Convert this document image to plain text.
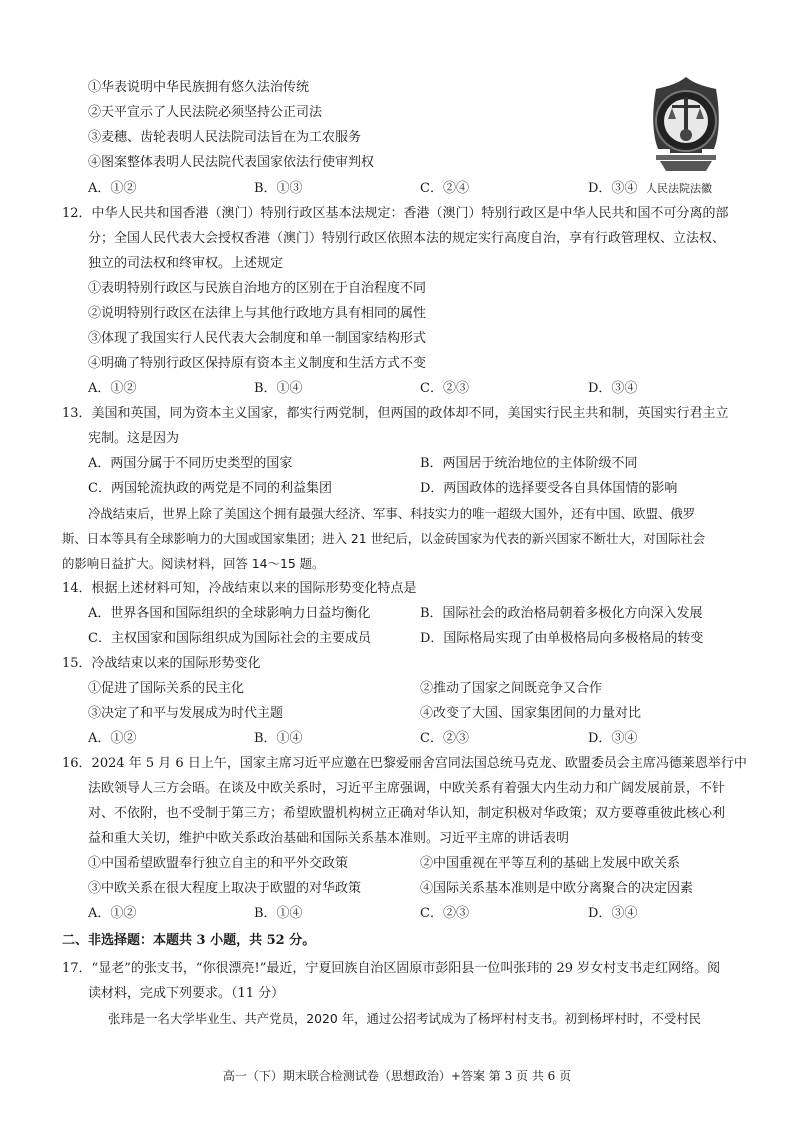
①华表说明中华民族拥有悠久法治传统
②天平宣示了人民法院必须坚持公正司法
③麦穗、齿轮表明人民法院司法旨在为工农服务
④图案整体表明人民法院代表国家依法行使审判权
A．①②	B．①③	C．②④	D．③④ 人民法院法徽
12．中华人民共和国香港（澳门）特别行政区基本法规定：香港（澳门）特别行政区是中华人民共和国不可分离的部
分；全国人民代表大会授权香港（澳门）特别行政区依照本法的规定实行高度自治，享有行政管理权、立法权、
独立的司法权和终审权。上述规定
①表明特别行政区与民族自治地方的区别在于自治程度不同
②说明特别行政区在法律上与其他行政地方具有相同的属性
③体现了我国实行人民代表大会制度和单一制国家结构形式
④明确了特别行政区保持原有资本主义制度和生活方式不变
A．①②	B．①④	C．②③	D．③④
13．美国和英国，同为资本主义国家，都实行两党制，但两国的政体却不同，美国实行民主共和制，英国实行君主立
宪制。这是因为
A．两国分属于不同历史类型的国家	B．两国居于统治地位的主体阶级不同
C．两国轮流执政的两党是不同的利益集团	D．两国政体的选择要受各自具体国情的影响
冷战结束后，世界上除了美国这个拥有最强大经济、军事、科技实力的唯一超级大国外，还有中国、欧盟、俄罗
斯、日本等具有全球影响力的大国或国家集团；进入 21 世纪后，以金砖国家为代表的新兴国家不断壮大，对国际社会
的影响日益扩大。阅读材料，回答 14～15 题。
14．根据上述材料可知，冷战结束以来的国际形势变化特点是
A．世界各国和国际组织的全球影响力日益均衡化	B．国际社会的政治格局朝着多极化方向深入发展
C．主权国家和国际组织成为国际社会的主要成员	D．国际格局实现了由单极格局向多极格局的转变
15．冷战结束以来的国际形势变化
①促进了国际关系的民主化	②推动了国家之间既竞争又合作
③决定了和平与发展成为时代主题	④改变了大国、国家集团间的力量对比
A．①②	B．①④	C．②③	D．③④
16．2024 年 5 月 6 日上午，国家主席习近平应邀在巴黎爱丽舍宫同法国总统马克龙、欧盟委员会主席冯德莱恩举行中
法欧领导人三方会晤。在谈及中欧关系时，习近平主席强调，中欧关系有着强大内生动力和广阔发展前景，不针
对、不依附，也不受制于第三方；希望欧盟机构树立正确对华认知，制定积极对华政策；双方要尊重彼此核心利
益和重大关切，维护中欧关系政治基础和国际关系基本准则。习近平主席的讲话表明
①中国希望欧盟奉行独立自主的和平外交政策	②中国重视在平等互利的基础上发展中欧关系
③中欧关系在很大程度上取决于欧盟的对华政策	④国际关系基本准则是中欧分离聚合的决定因素
A．①②	B．①④	C．②③	D．③④
二、非选择题：本题共 3 小题，共 52 分。
17．“显老”的张支书，“你很漂亮!”最近，宁夏回族自治区固原市彭阳县一位叫张玮的 29 岁女村支书走红网络。阅
读材料，完成下列要求。（11 分）
张玮是一名大学毕业生、共产党员，2020 年，通过公招考试成为了杨坪村村支书。初到杨坪村时，不受村民
高一（下）期末联合检测试卷（思想政治）+答案 第 3 页 共 6 页
